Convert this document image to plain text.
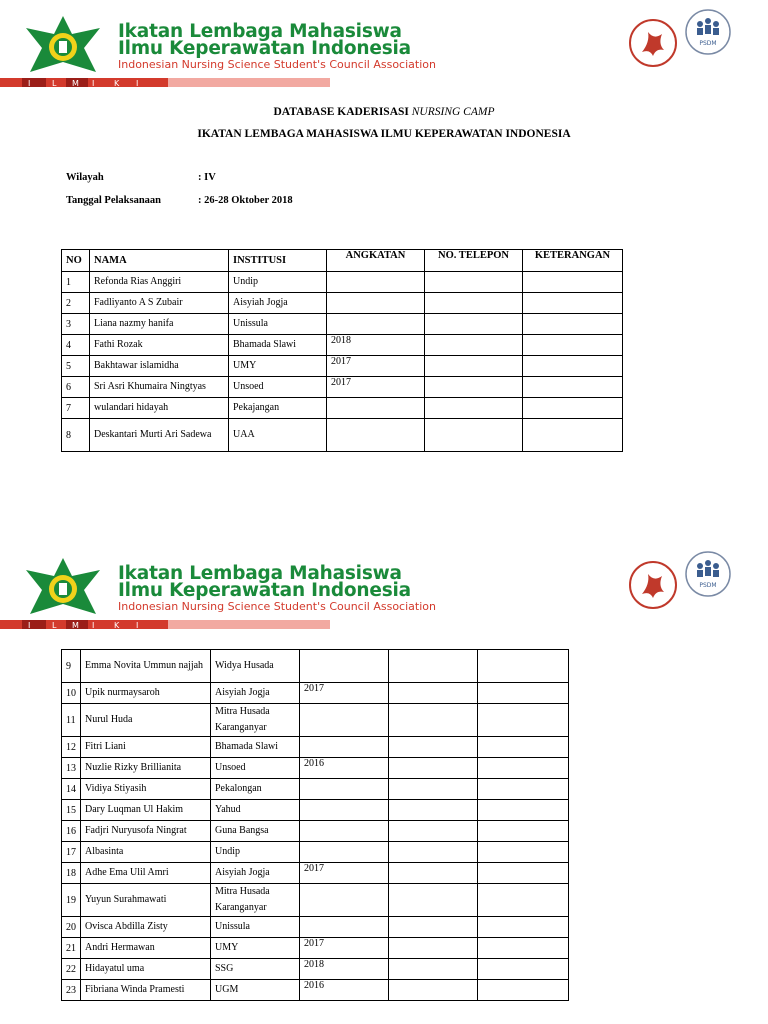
Ikatan Lembaga Mahasiswa
Ilmu Keperawatan Indonesia
Indonesian Nursing Science Student's Council Association
I	L M I K I
PSDM
DATABASE KADERISASI NURSING CAMP
IKATAN LEMBAGA MAHASISWA ILMU KEPERAWATAN INDONESIA
Wilayah	: IV
Tanggal Pelaksanaan	: 26-28 Oktober 2018
NO	NAMA	INSTITUSI	ANGKATAN	NO. TELEPON	KETERANGAN
1	Refonda Rias Anggiri	Undip			
2	Fadliyanto A S Zubair	Aisyiah Jogja			
3	Liana nazmy hanifa	Unissula			
4	Fathi Rozak	Bhamada Slawi	2018		
5	Bakhtawar islamidha	UMY	2017		
6	Sri Asri Khumaira Ningtyas	Unsoed	2017		
7	wulandari hidayah	Pekajangan			
8	Deskantari Murti Ari Sadewa	UAA			
Ikatan Lembaga Mahasiswa
Ilmu Keperawatan Indonesia
Indonesian Nursing Science Student's Council Association
I	L M I K I
PSDM
9	Emma Novita Ummun najjah	Widya Husada			
10	Upik nurmaysaroh	Aisyiah Jogja	2017		
11	Nurul Huda	Mitra Husada Karanganyar			
12	Fitri Liani	Bhamada Slawi			
13	Nuzlie Rizky Brillianita	Unsoed	2016		
14	Vidiya Stiyasih	Pekalongan			
15	Dary Luqman Ul Hakim	Yahud			
16	Fadjri Nuryusofa Ningrat	Guna Bangsa			
17	Albasinta	Undip			
18	Adhe Ema Ulil Amri	Aisyiah Jogja	2017		
19	Yuyun Surahmawati	Mitra Husada Karanganyar			
20	Ovisca Abdilla Zisty	Unissula			
21	Andri Hermawan	UMY	2017		
22	Hidayatul uma	SSG	2018		
23	Fibriana Winda Pramesti	UGM	2016		
